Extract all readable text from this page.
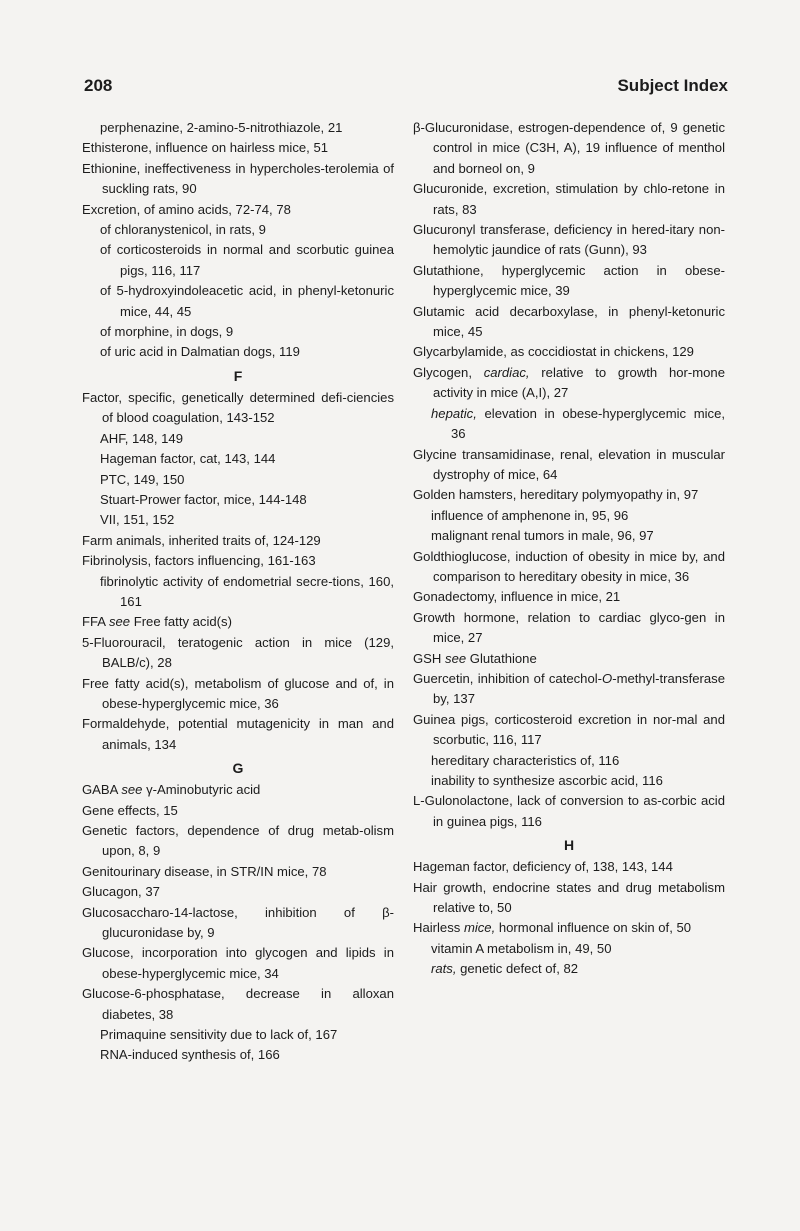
208	Subject Index
perphenazine, 2-amino-5-nitrothiazole, 21
Ethisterone, influence on hairless mice, 51
Ethionine, ineffectiveness in hypercholes-terolemia of suckling rats, 90
Excretion, of amino acids, 72-74, 78
of chloranystenicol, in rats, 9
of corticosteroids in normal and scorbutic guinea pigs, 116, 117
of 5-hydroxyindoleacetic acid, in phenyl-ketonuric mice, 44, 45
of morphine, in dogs, 9
of uric acid in Dalmatian dogs, 119
F
Factor, specific, genetically determined defi-ciencies of blood coagulation, 143-152
AHF, 148, 149
Hageman factor, cat, 143, 144
PTC, 149, 150
Stuart-Prower factor, mice, 144-148
VII, 151, 152
Farm animals, inherited traits of, 124-129
Fibrinolysis, factors influencing, 161-163
fibrinolytic activity of endometrial secre-tions, 160, 161
FFA see Free fatty acid(s)
5-Fluorouracil, teratogenic action in mice (129, BALB/c), 28
Free fatty acid(s), metabolism of glucose and of, in obese-hyperglycemic mice, 36
Formaldehyde, potential mutagenicity in man and animals, 134
G
GABA see γ-Aminobutyric acid
Gene effects, 15
Genetic factors, dependence of drug metab-olism upon, 8, 9
Genitourinary disease, in STR/IN mice, 78
Glucagon, 37
Glucosaccharo-14-lactose, inhibition of β-glucuronidase by, 9
Glucose, incorporation into glycogen and lipids in obese-hyperglycemic mice, 34
Glucose-6-phosphatase, decrease in alloxan diabetes, 38
Primaquine sensitivity due to lack of, 167
RNA-induced synthesis of, 166
β-Glucuronidase, estrogen-dependence of, 9 genetic control in mice (C3H, A), 19 influence of menthol and borneol on, 9
Glucuronide, excretion, stimulation by chlo-retone in rats, 83
Glucuronyl transferase, deficiency in hered-itary non-hemolytic jaundice of rats (Gunn), 93
Glutathione, hyperglycemic action in obese-hyperglycemic mice, 39
Glutamic acid decarboxylase, in phenyl-ketonuric mice, 45
Glycarbylamide, as coccidiostat in chickens, 129
Glycogen, cardiac, relative to growth hor-mone activity in mice (A,I), 27
hepatic, elevation in obese-hyperglycemic mice, 36
Glycine transamidinase, renal, elevation in muscular dystrophy of mice, 64
Golden hamsters, hereditary polymyopathy in, 97
influence of amphenone in, 95, 96
malignant renal tumors in male, 96, 97
Goldthioglucose, induction of obesity in mice by, and comparison to hereditary obesity in mice, 36
Gonadectomy, influence in mice, 21
Growth hormone, relation to cardiac glyco-gen in mice, 27
GSH see Glutathione
Guercetin, inhibition of catechol-O-methyl-transferase by, 137
Guinea pigs, corticosteroid excretion in nor-mal and scorbutic, 116, 117
hereditary characteristics of, 116
inability to synthesize ascorbic acid, 116
L-Gulonolactone, lack of conversion to as-corbic acid in guinea pigs, 116
H
Hageman factor, deficiency of, 138, 143, 144
Hair growth, endocrine states and drug metabolism relative to, 50
Hairless mice, hormonal influence on skin of, 50
vitamin A metabolism in, 49, 50
rats, genetic defect of, 82
